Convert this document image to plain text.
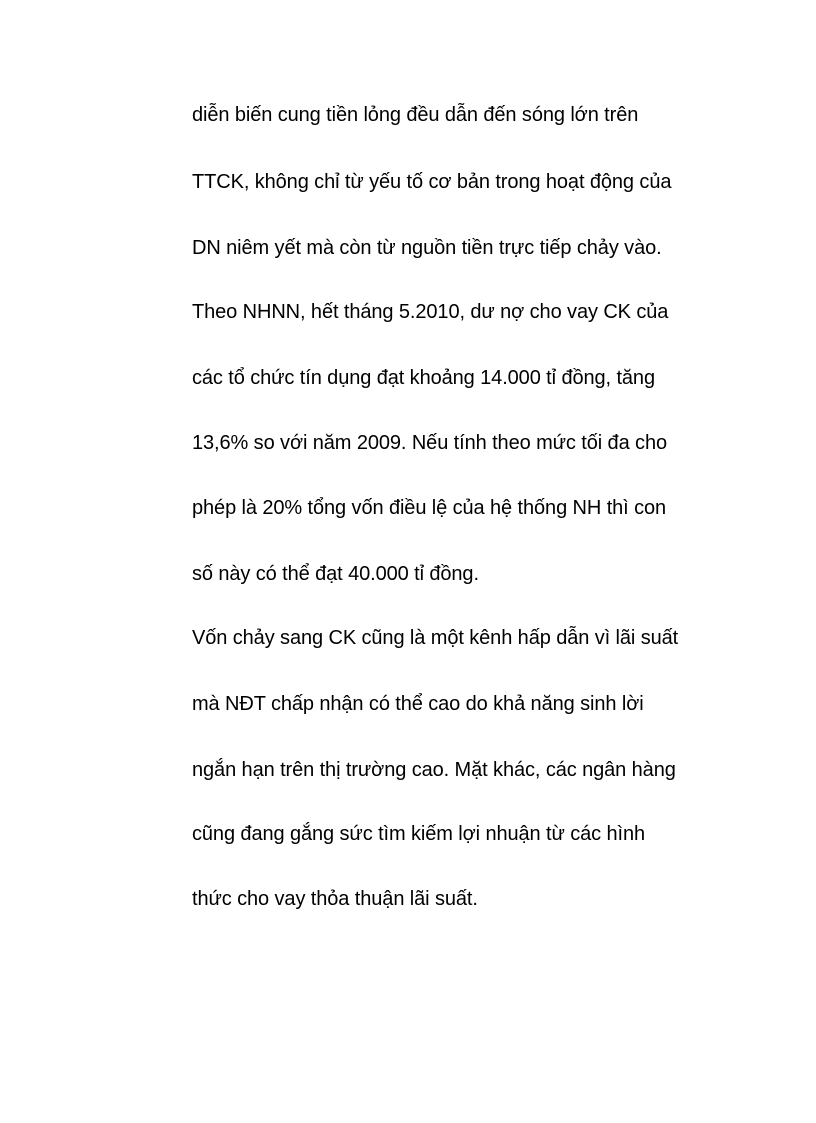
diễn biến cung tiền lỏng đều dẫn đến sóng lớn trên
TTCK, không chỉ từ yếu tố cơ bản trong hoạt động của
DN niêm yết mà còn từ nguồn tiền trực tiếp chảy vào.
Theo NHNN, hết tháng 5.2010, dư nợ cho vay CK của
các tổ chức tín dụng đạt khoảng 14.000 tỉ đồng, tăng
13,6% so với năm 2009. Nếu tính theo mức tối đa cho
phép là 20% tổng vốn điều lệ của hệ thống NH thì con
số này có thể đạt 40.000 tỉ đồng.
Vốn chảy sang CK cũng là một kênh hấp dẫn vì lãi suất
mà NĐT chấp nhận có thể cao do khả năng sinh lời
ngắn hạn trên thị trường cao. Mặt khác, các ngân hàng
cũng đang gắng sức tìm kiếm lợi nhuận từ các hình
thức cho vay thỏa thuận lãi suất.
